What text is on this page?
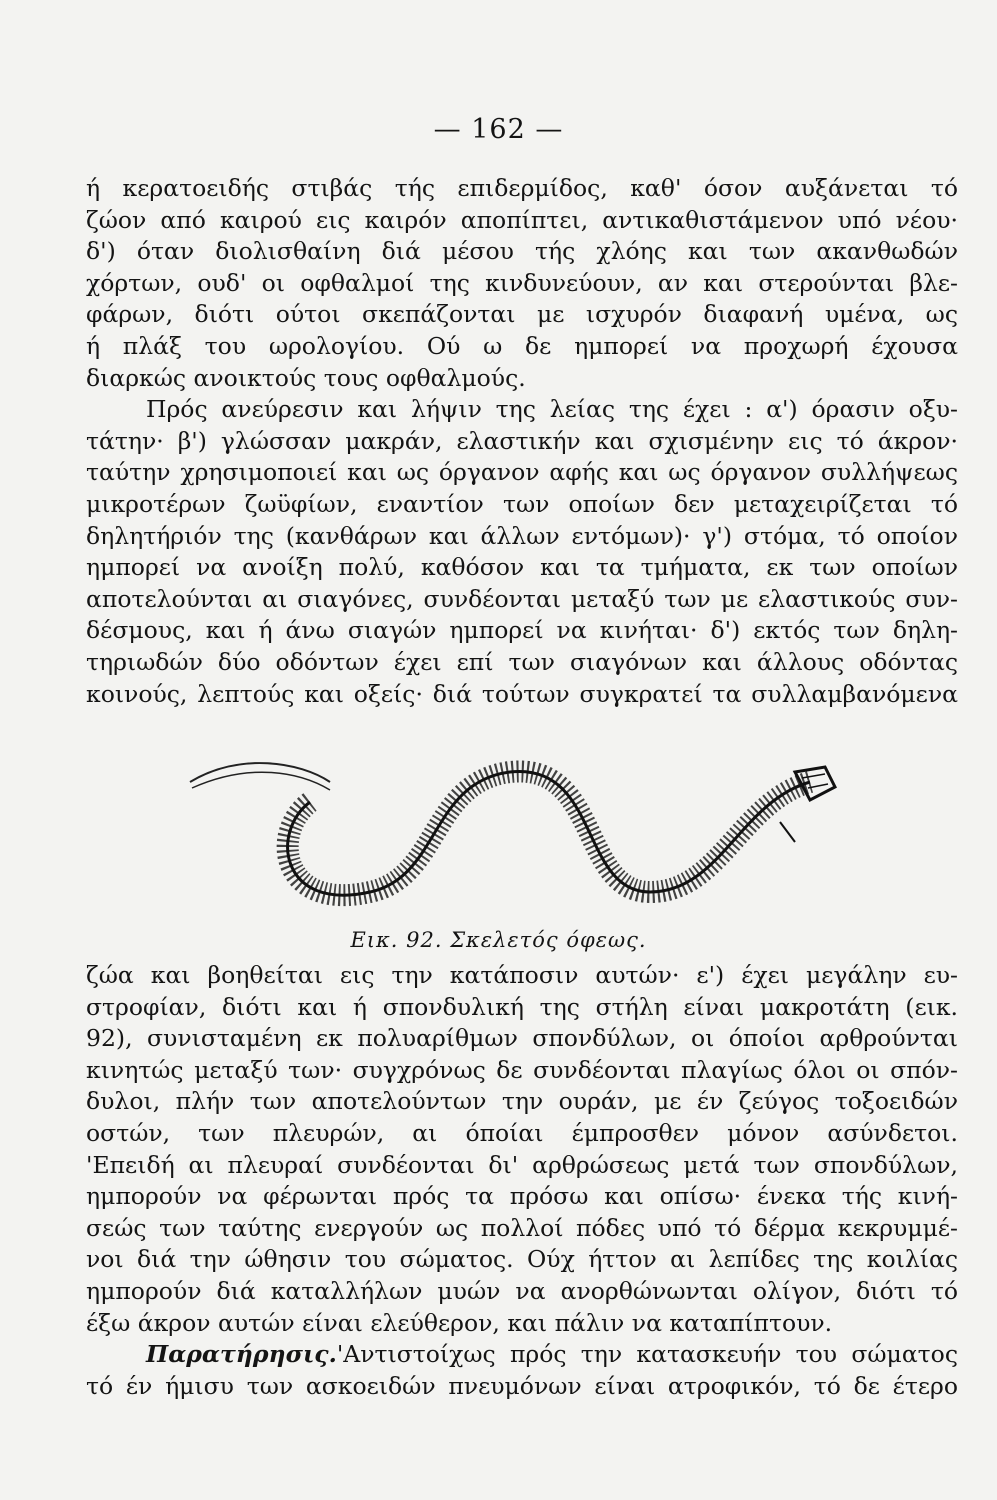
— 162 —
ή κερατοειδής στιβάς τής επιδερμίδος, καθ' όσον αυξάνεται τό
ζώον από καιρού εις καιρόν αποπίπτει, αντικαθιστάμενον υπό νέου·
δ') όταν διολισθαίνη διά μέσου τής χλόης και των ακανθωδών
χόρτων, ουδ' οι οφθαλμοί της κινδυνεύουν, αν και στερούνται βλε-
φάρων, διότι ούτοι σκεπάζονται με ισχυρόν διαφανή υμένα, ως
ή πλάξ του ωρολογίου. Ού ω δε ημπορεί να προχωρή έχουσα
διαρκώς ανοικτούς τους οφθαλμούς.
Πρός ανεύρεσιν και λήψιν της λείας της έχει : α') όρασιν οξυ-
τάτην· β') γλώσσαν μακράν, ελαστικήν και σχισμένην εις τό άκρον·
ταύτην χρησιμοποιεί και ως όργανον αφής και ως όργανον συλλήψεως
μικροτέρων ζωϋφίων, εναντίον των οποίων δεν μεταχειρίζεται τό
δηλητήριόν της (κανθάρων και άλλων εντόμων)· γ') στόμα, τό οποίον
ημπορεί να ανοίξη πολύ, καθόσον και τα τμήματα, εκ των οποίων
αποτελούνται αι σιαγόνες, συνδέονται μεταξύ των με ελαστικούς συν-
δέσμους, και ή άνω σιαγών ημπορεί να κινήται· δ') εκτός των δηλη-
τηριωδών δύο οδόντων έχει επί των σιαγόνων και άλλους οδόντας
κοινούς, λεπτούς και οξείς· διά τούτων συγκρατεί τα συλλαμβανόμενα
Εικ. 92. Σκελετός όφεως.
ζώα και βοηθείται εις την κατάποσιν αυτών· ε') έχει μεγάλην ευ-
στροφίαν, διότι και ή σπονδυλική της στήλη είναι μακροτάτη (εικ.
92), συνισταμένη εκ πολυαρίθμων σπονδύλων, οι όποίοι αρθρούνται
κινητώς μεταξύ των· συγχρόνως δε συνδέονται πλαγίως όλοι οι σπόν-
δυλοι, πλήν των αποτελούντων την ουράν, με έν ζεύγος τοξοειδών
οστών, των πλευρών, αι όποίαι έμπροσθεν μόνον ασύνδετοι.
'Επειδή αι πλευραί συνδέονται δι' αρθρώσεως μετά των σπονδύλων,
ημπορούν να φέρωνται πρός τα πρόσω και οπίσω· ένεκα τής κινή-
σεώς των ταύτης ενεργούν ως πολλοί πόδες υπό τό δέρμα κεκρυμμέ-
νοι διά την ώθησιν του σώματος. Ούχ ήττον αι λεπίδες της κοιλίας
ημπορούν διά καταλλήλων μυών να ανορθώνωνται ολίγον, διότι τό
έξω άκρον αυτών είναι ελεύθερον, και πάλιν να καταπίπτουν.
Παρατήρησις.'Αντιστοίχως πρός την κατασκευήν του σώματος
τό έν ήμισυ των ασκοειδών πνευμόνων είναι ατροφικόν, τό δε έτερο
